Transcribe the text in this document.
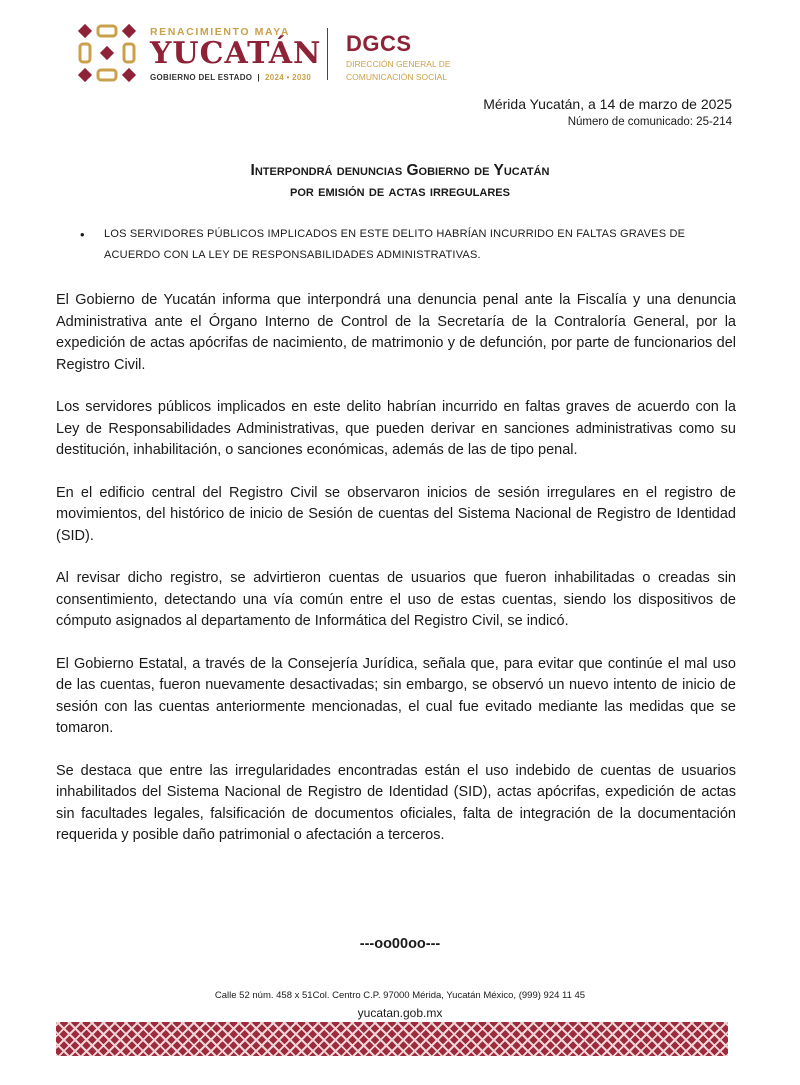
RENACIMIENTO MAYA
YUCATÁN
GOBIERNO DEL ESTADO  |  2024 • 2030
DGCS
DIRECCIÓN GENERAL DE
COMUNICACIÓN SOCIAL
Mérida Yucatán, a 14 de marzo de 2025
Número de comunicado: 25-214
Interpondrá denuncias Gobierno de Yucatán
por emisión de actas irregulares
• LOS SERVIDORES PÚBLICOS IMPLICADOS EN ESTE DELITO HABRÍAN INCURRIDO EN FALTAS GRAVES DE ACUERDO CON LA LEY DE RESPONSABILIDADES ADMINISTRATIVAS.

El Gobierno de Yucatán informa que interpondrá una denuncia penal ante la Fiscalía y una denuncia Administrativa ante el Órgano Interno de Control de la Secretaría de la Contraloría General, por la expedición de actas apócrifas de nacimiento, de matrimonio y de defunción, por parte de funcionarios del Registro Civil.

Los servidores públicos implicados en este delito habrían incurrido en faltas graves de acuerdo con la Ley de Responsabilidades Administrativas, que pueden derivar en sanciones administrativas como su destitución, inhabilitación, o sanciones económicas, además de las de tipo penal.

En el edificio central del Registro Civil se observaron inicios de sesión irregulares en el registro de movimientos, del histórico de inicio de Sesión de cuentas del Sistema Nacional de Registro de Identidad (SID).

Al revisar dicho registro, se advirtieron cuentas de usuarios que fueron inhabilitadas o creadas sin consentimiento, detectando una vía común entre el uso de estas cuentas, siendo los dispositivos de cómputo asignados al departamento de Informática del Registro Civil, se indicó.

El Gobierno Estatal, a través de la Consejería Jurídica, señala que, para evitar que continúe el mal uso de las cuentas, fueron nuevamente desactivadas; sin embargo, se observó un nuevo intento de inicio de sesión con las cuentas anteriormente mencionadas, el cual fue evitado mediante las medidas que se tomaron.

Se destaca que entre las irregularidades encontradas están el uso indebido de cuentas de usuarios inhabilitados del Sistema Nacional de Registro de Identidad (SID), actas apócrifas, expedición de actas sin facultades legales, falsificación de documentos oficiales, falta de integración de la documentación requerida y posible daño patrimonial o afectación a terceros.

---oo00oo---
Calle 52 núm. 458 x 51Col. Centro C.P. 97000 Mérida, Yucatán México, (999) 924 11 45
yucatan.gob.mx
